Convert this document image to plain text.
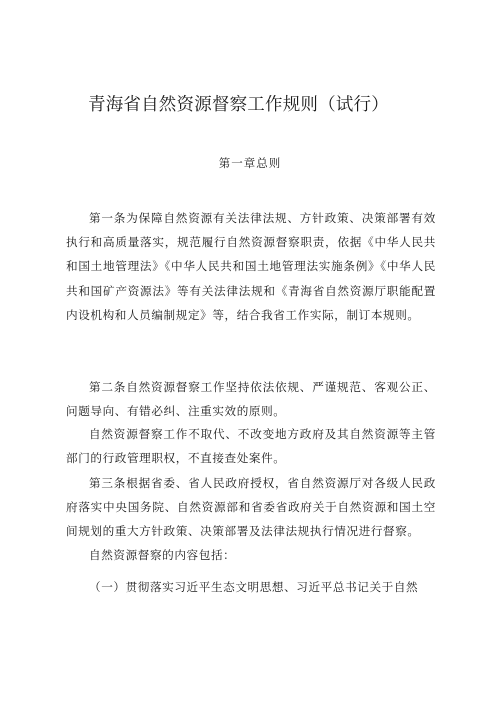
青海省自然资源督察工作规则（试行）
第一章总则

第一条为保障自然资源有关法律法规、方针政策、决策部署有效执行和高质量落实，规范履行自然资源督察职责，依据《中华人民共和国土地管理法》《中华人民共和国土地管理法实施条例》《中华人民共和国矿产资源法》等有关法律法规和《青海省自然资源厅职能配置内设机构和人员编制规定》等，结合我省工作实际，制订本规则。

第二条自然资源督察工作坚持依法依规、严谨规范、客观公正、问题导向、有错必纠、注重实效的原则。

自然资源督察工作不取代、不改变地方政府及其自然资源等主管部门的行政管理职权，不直接查处案件。

第三条根据省委、省人民政府授权，省自然资源厅对各级人民政府落实中央国务院、自然资源部和省委省政府关于自然资源和国土空间规划的重大方针政策、决策部署及法律法规执行情况进行督察。

自然资源督察的内容包括：

（一）贯彻落实习近平生态文明思想、习近平总书记关于自然
